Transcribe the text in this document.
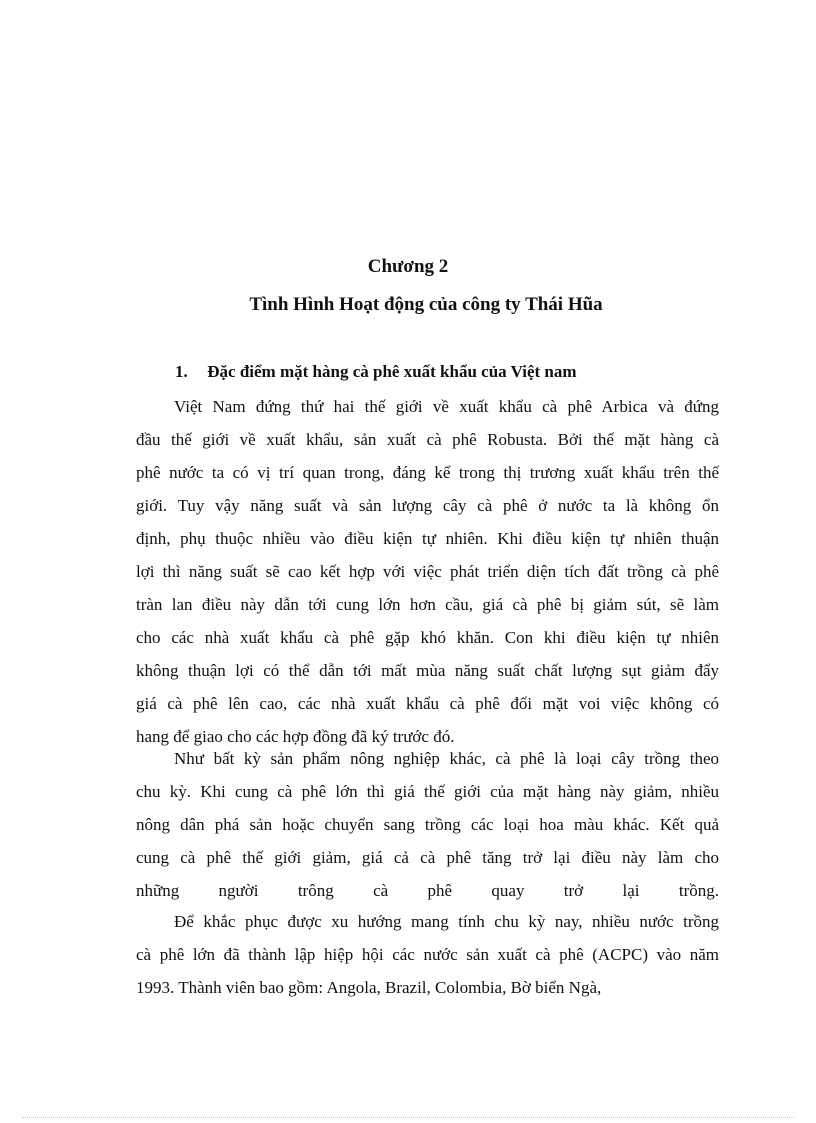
Chương 2
Tình Hình Hoạt động của công ty Thái Hũa
1. Đặc điểm mặt hàng cà phê xuất khẩu của Việt nam
Việt Nam đứng thứ hai thế giới về xuất khẩu cà phê Arbica và đứng
đầu thế giới về xuất khẩu, sản xuất cà phê Robusta. Bởi thế mặt hàng cà
phê nước ta có vị trí quan trong, đáng kể trong thị trương xuất khẩu trên thế
giới. Tuy vậy năng suất và sản lượng cây cà phê ở nước ta là không ổn
định, phụ thuộc nhiều vào điều kiện tự nhiên. Khi điều kiện tự nhiên thuận
lợi thì năng suất sẽ cao kết hợp với việc phát triển diện tích đất trồng cà phê
tràn lan điều này dẫn tới cung lớn hơn cầu, giá cà phê bị giảm sút, sẽ làm
cho các nhà xuất khẩu cà phê gặp khó khăn. Con khi điều kiện tự nhiên
không thuận lợi có thể dẫn tới mất mùa năng suất chất lượng sụt giảm đẩy
giá cà phê lên cao, các nhà xuất khẩu cà phê đối mặt voi việc không có
hang để giao cho các hợp đồng đã ký trước đó.
Như bất kỳ sản phẩm nông nghiệp khác, cà phê là loại cây trồng theo
chu kỳ. Khi cung cà phê lớn thì giá thế giới của mặt hàng này giảm, nhiều
nông dân phá sản hoặc chuyển sang trồng các loại hoa màu khác. Kết quả
cung cà phê thế giới giảm, giá cả cà phê tăng trở lại điều này làm cho
những người trông cà phê quay trở lại trồng.
Để khắc phục được xu hướng mang tính chu kỳ nay, nhiều nước trồng
cà phê lớn đã thành lập hiệp hội các nước sản xuất cà phê (ACPC) vào năm
1993. Thành viên bao gồm: Angola, Brazil, Colombia, Bờ biển Ngà,
